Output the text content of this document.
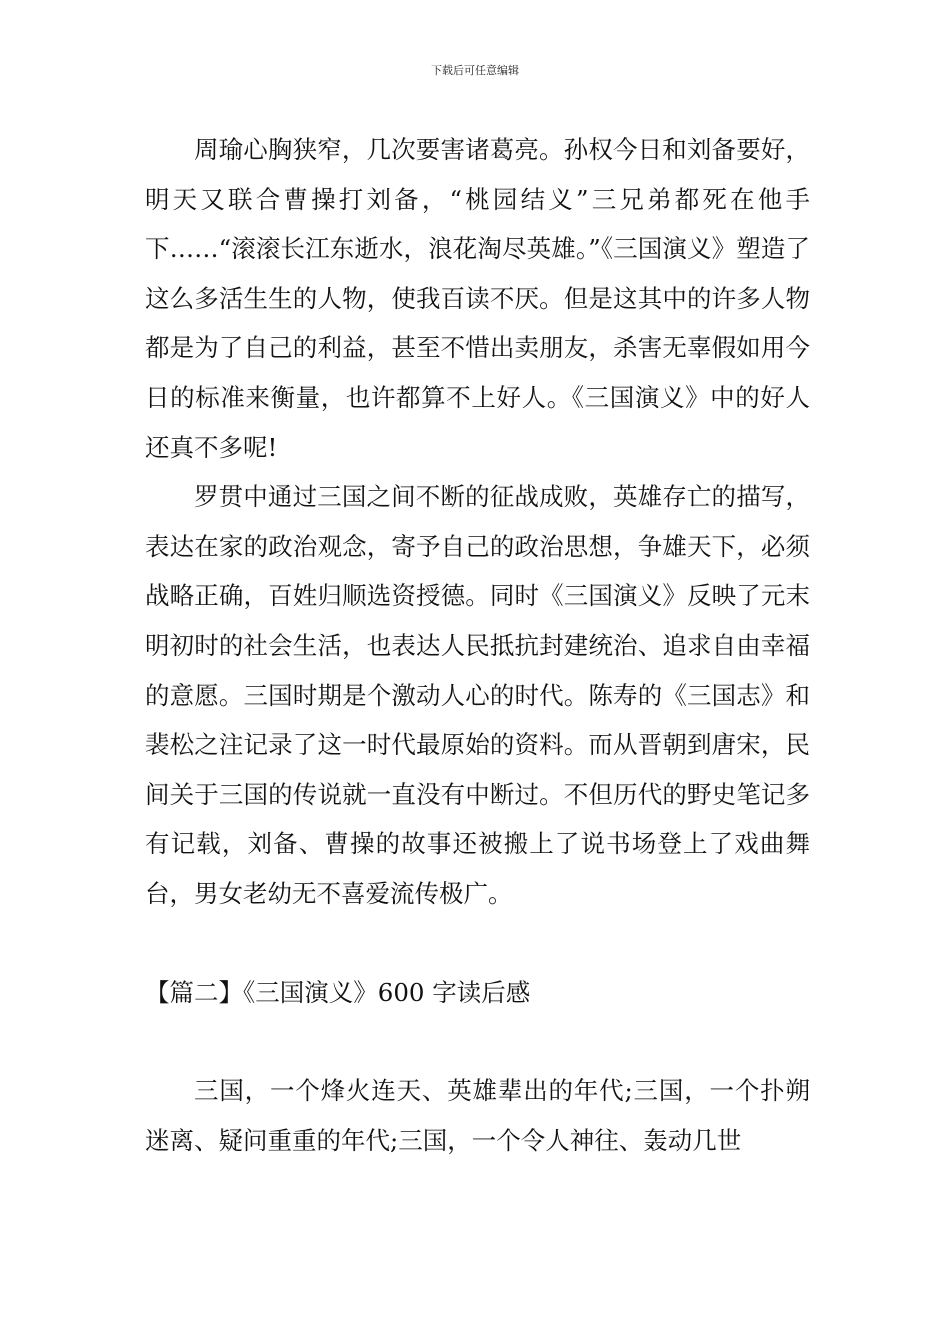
下载后可任意编辑

周瑜心胸狭窄，几次要害诸葛亮。孙权今日和刘备要好，明天又联合曹操打刘备，“桃园结义”三兄弟都死在他手下……“滚滚长江东逝水，浪花淘尽英雄。”《三国演义》塑造了这么多活生生的人物，使我百读不厌。但是这其中的许多人物都是为了自己的利益，甚至不惜出卖朋友，杀害无辜假如用今日的标准来衡量，也许都算不上好人。《三国演义》中的好人还真不多呢!

罗贯中通过三国之间不断的征战成败，英雄存亡的描写，表达在家的政治观念，寄予自己的政治思想，争雄天下，必须战略正确，百姓归顺选资授德。同时《三国演义》反映了元末明初时的社会生活，也表达人民抵抗封建统治、追求自由幸福的意愿。三国时期是个激动人心的时代。陈寿的《三国志》和裴松之注记录了这一时代最原始的资料。而从晋朝到唐宋，民间关于三国的传说就一直没有中断过。不但历代的野史笔记多有记载，刘备、曹操的故事还被搬上了说书场登上了戏曲舞台，男女老幼无不喜爱流传极广。

【篇二】《三国演义》600 字读后感

三国，一个烽火连天、英雄辈出的年代;三国，一个扑朔迷离、疑问重重的年代;三国，一个令人神往、轰动几世
